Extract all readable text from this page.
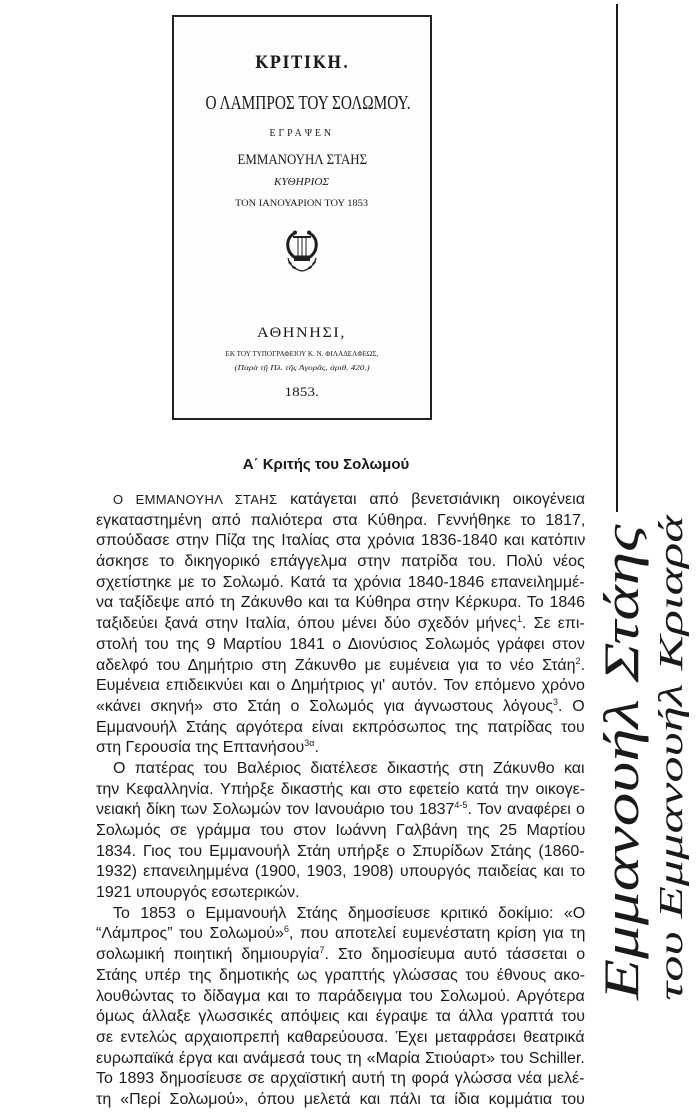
ΚΡΙΤΙΚΗ.
Ο ΛΑΜΠΡΟΣ ΤΟΥ ΣΟΛΩΜΟΥ.
ΕΓΡΑΨΕΝ
ΕΜΜΑΝΟΥΗΛ ΣΤΑΗΣ
ΚΥΘΗΡΙΟΣ
ΤΟΝ ΙΑΝΟΥΑΡΙΟΝ ΤΟΥ 1853
ΑΘΗΝΗΣΙ,
ΕΚ ΤΟΥ ΤΥΠΟΓΡΑΦΕΙΟΥ Κ. Ν. ΦΙΛΑΔΕΛΦΕΩΣ,
(Παρὰ τῇ Πλ. τῆς Ἁγορᾶς, ἀριθ. 420.)
1853.
Α΄ Κριτής του Σολωμού
Ο ΕΜΜΑΝΟΥΗΛ ΣΤΑΗΣ κατάγεται από βενετσιάνικη οικογένεια
εγκαταστημένη από παλιότερα στα Κύθηρα. Γεννήθηκε το 1817,
σπούδασε στην Πίζα της Ιταλίας στα χρόνια 1836-1840 και κατόπιν
άσκησε το δικηγορικό επάγγελμα στην πατρίδα του. Πολύ νέος
σχετίστηκε με το Σολωμό. Κατά τα χρόνια 1840-1846 επανειλημμέ-
να ταξίδεψε από τη Ζάκυνθο και τα Κύθηρα στην Κέρκυρα. Το 1846
ταξιδεύει ξανά στην Ιταλία, όπου μένει δύο σχεδόν μήνες$^1$. Σε επι-
στολή του της 9 Μαρτίου 1841 ο Διονύσιος Σολωμός γράφει στον
αδελφό του Δημήτριο στη Ζάκυνθο με ευμένεια για το νέο Στάη$^2$.
Ευμένεια επιδεικνύει και ο Δημήτριος γι' αυτόν. Τον επόμενο χρόνο
«κάνει σκηνή» στο Στάη ο Σολωμός για άγνωστους λόγους$^3$. Ο
Εμμανουήλ Στάης αργότερα είναι εκπρόσωπος της πατρίδας του
στη Γερουσία της Επτανήσου$^{3\alpha}$.
Ο πατέρας του Βαλέριος διατέλεσε δικαστής στη Ζάκυνθο και
την Κεφαλληνία. Υπήρξε δικαστής και στο εφετείο κατά την οικογε-
νειακή δίκη των Σολωμών τον Ιανουάριο του 1837$^{4-5}$. Τον αναφέρει ο
Σολωμός σε γράμμα του στον Ιωάννη Γαλβάνη της 25 Μαρτίου
1834. Γιος του Εμμανουήλ Στάη υπήρξε ο Σπυρίδων Στάης (1860-
1932) επανειλημμένα (1900, 1903, 1908) υπουργός παιδείας και το
1921 υπουργός εσωτερικών.
Το 1853 ο Εμμανουήλ Στάης δημοσίευσε κριτικό δοκίμιο: «Ο
“Λάμπρος” του Σολωμού»$^6$, που αποτελεί ευμενέστατη κρίση για τη
σολωμική ποιητική δημιουργία$^7$. Στο δημοσίευμα αυτό τάσσεται ο
Στάης υπέρ της δημοτικής ως γραπτής γλώσσας του έθνους ακο-
λουθώντας το δίδαγμα και το παράδειγμα του Σολωμού. Αργότερα
όμως άλλαξε γλωσσικές απόψεις και έγραψε τα άλλα γραπτά του
σε εντελώς αρχαιοπρεπή καθαρεύουσα. Έχει μεταφράσει θεατρικά
ευρωπαϊκά έργα και ανάμεσά τους τη «Μαρία Στιούαρτ» του Schiller.
Το 1893 δημοσίευσε σε αρχαϊστική αυτή τη φορά γλώσσα νέα μελέ-
τη «Περί Σολωμού», όπου μελετά και πάλι τα ίδια κομμάτια του
Εμμανουήλ Στάης του Εμμανουήλ Κριαρά
